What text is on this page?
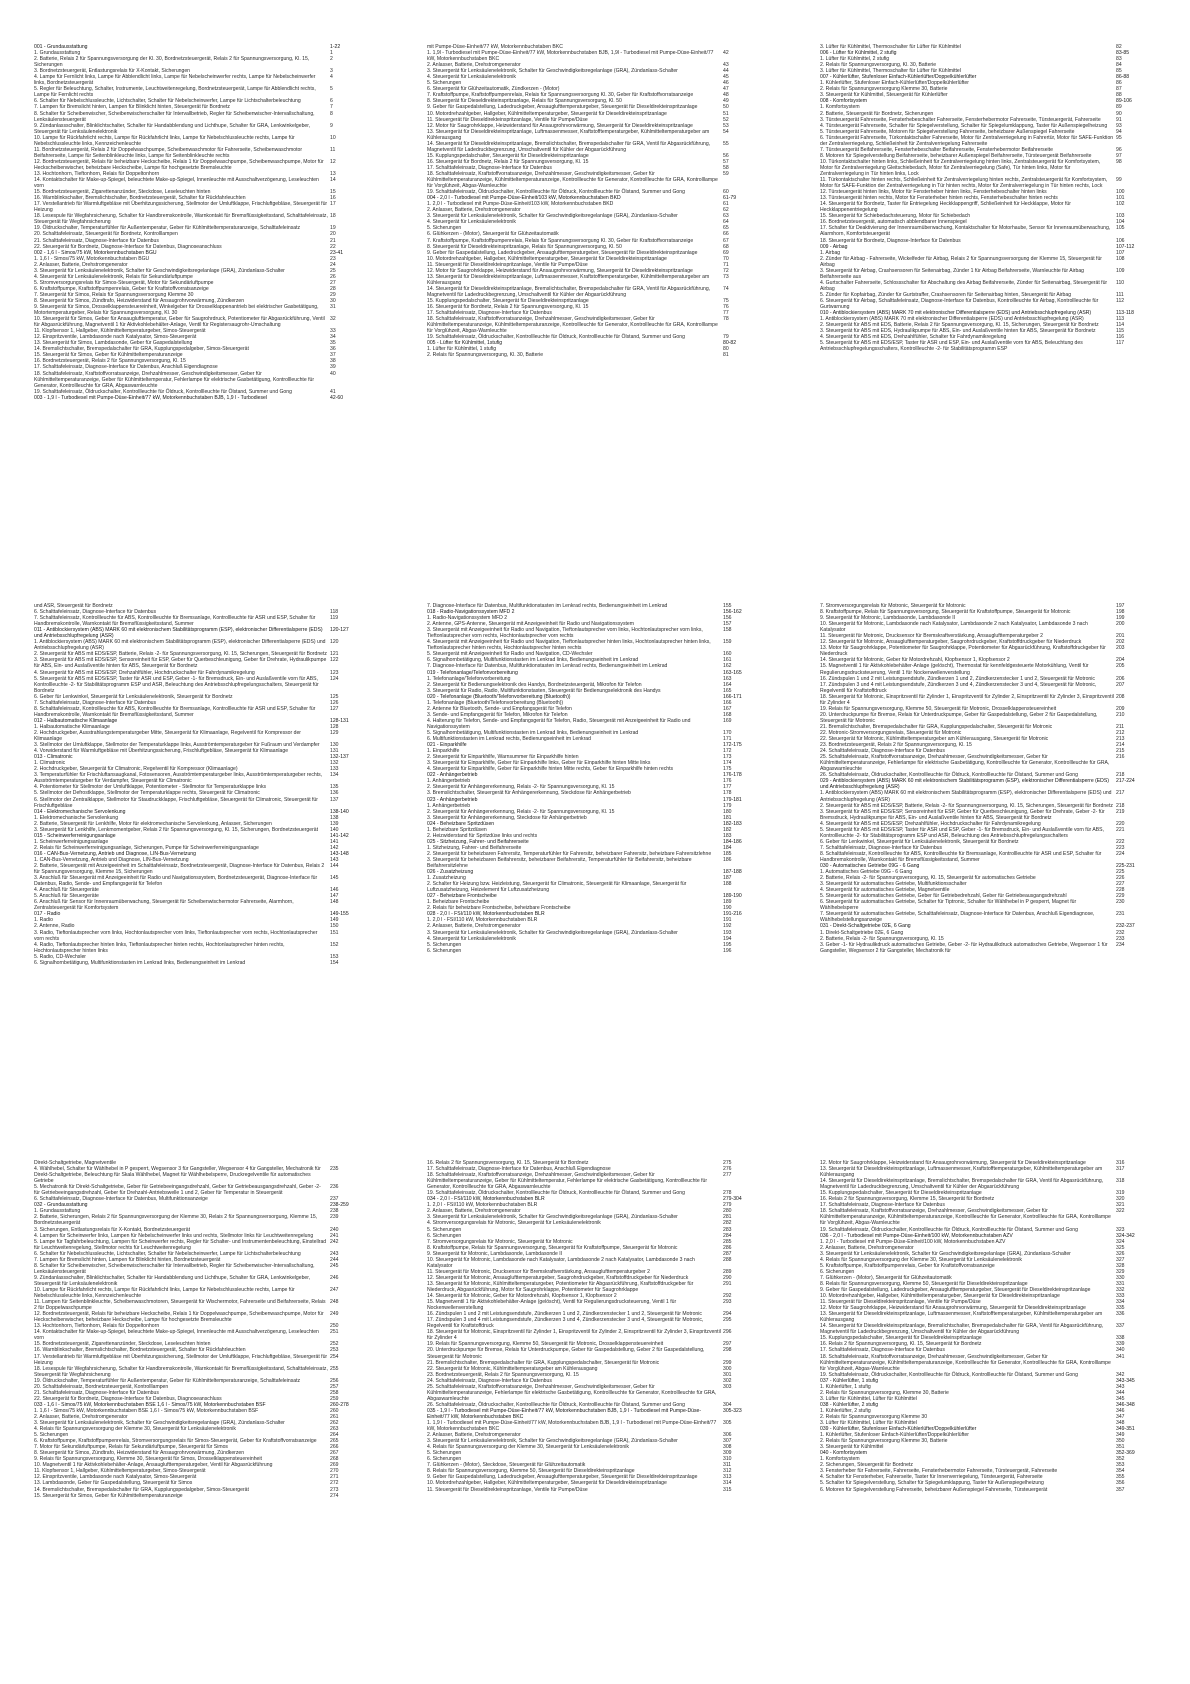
001 - Grundausstattung	1-22
1. Grundausstattung	1
2. Batterie, Relais 2 für Spannungsversorgung der Kl. 30, Bordnetzsteuergerät, Relais 2 für Spannungsversorgung, Kl. 15, Sicherungen
2
3. Bordnetzsteuergerät, Entlastungsrelais für X-Kontakt, Sicherungen	3
4. Lampe für Fernlicht links, Lampe für Abblendlicht links, Lampe für Nebelscheinwerfer rechts, Lampe für Nebelscheinwerfer links, Bordnetzsteuergerät
4
5. Regler für Beleuchtung, Schalter, Instrumente, Leuchtweitenregelung, Bordnetzsteuergerät, Lampe für Abblendlicht rechts, Lampe für Fernlicht rechts
5
6. Schalter für Nebelschlussleuchte, Lichtschalter, Schalter für Nebelscheinwerfer, Lampe für Lichtschalterbeleuchtung	6
7. Lampen für Bremslicht hinten, Lampen für Blinklicht hinten, Steuergerät für Bordnetz	7
8. Schalter für Scheibenwischer, Scheibenwischerschalter für Intervallbetrieb, Regler für Scheibenwischer-Intervallschaltung, Lenksäulensteuergerät
8
9. Zündanlassschalter, Blinklichtschalter, Schalter für Handabblendung und Lichthupe, Schalter für GRA, Lenkwinkelgeber, Steuergerät für Lenksäulenelektronik
9
10. Lampe für Rückfahrlicht rechts, Lampe für Rückfahrlicht links, Lampe für Nebelschlussleuchte rechts, Lampe für Nebelschlussleuchte links, Kennzeichenleuchte
10
11. Bordnetzsteuergerät, Relais 2 für Doppelwaschpumpe, Scheibenwaschmotor für Fahrerseite, Scheibenwaschmotor Beifahrerseite, Lampe für Seitenblinkleuchte links, Lampe für Seitenblinkleuchte rechts
11
12. Bordnetzsteuergerät, Relais für beheizbare Heckscheibe, Relais 1 für Doppelwaschpumpe, Scheibenwaschpumpe, Motor für Heckscheibenwischer, beheizbare Heckscheibe, Lampe für hochgesetzte Bremsleuchte
12
13. Hochtonhorn, Tieftonhorn, Relais für Doppeltonhorn	13
14. Kontaktschalter für Make-up-Spiegel, beleuchtete Make-up-Spiegel, Innenleuchte mit Ausschaltverzögerung, Leseleuchten vorn
14
15. Bordnetzsteuergerät, Zigarettenanzünder, Steckdose, Leseleuchten hinten	15
16. Warnblinkschalter, Bremslichtschalter, Bordnetzsteuergerät, Schalter für Rückfahrleuchten	16
17. Verstellantrieb für Warmluftgebläse mit Überhitzungssicherung, Stellmotor der Umluftklappe, Frischluftgebläse, Steuergerät für Heizung
17
18. Lesespule für Wegfahrsicherung, Schalter für Handbremskontrolle, Warnkontakt für Bremsflüssigkeitsstand, Schalttafeleinsatz, Steuergerät für Wegfahrsicherung
18
19. Öldruckschalter, Temperaturfühler für Außentemperatur, Geber für Kühlmitteltemperaturanzeige, Schalttafeleinsatz	19
20. Schalttafeleinsatz, Steuergerät für Bordnetz, Kontrolllampen	20
21. Schalttafeleinsatz, Diagnose-Interface für Datenbus	21
22. Steuergerät für Bordnetz, Diagnose-Interface für Datenbus, Diagnoseanschluss	22
002 - 1,6 l - Simos/75 kW, Motorkennbuchstaben BGU	23-41
1. 1,6 l - Simos/75 kW, Motorkennbuchstaben BGU	23
2. Anlasser, Batterie, Drehstromgenerator	24
3. Steuergerät für Lenksäulenelektronik, Schalter für Geschwindigkeitsregelanlage (GRA), Zündanlass-Schalter	25
4. Steuergerät für Lenksäulenelektronik, Relais für Sekundärluftpumpe	26
5. Stromversorgungsrelais für Simos-Steuergerät, Motor für Sekundärluftpumpe	27
6. Kraftstoffpumpe, Kraftstoffpumpenrelais, Geber für Kraftstoffvorratsanzeige	28
7. Steuergerät für Simos, Relais für Spannungsversorgung Klemme 30	29
8. Steuergerät für Simos, Zündtrafo, Heizwiderstand für Ansaugrohrvorwärmung, Zündkerzen	30
9. Steuergerät für Simos, Drosselklappensteuereinheit, Winkelgeber für Drosselklappenantrieb bei elektrischer Gasbetätigung, Motortemperaturgeber, Relais für Spannungsversorgung, Kl. 30
31
10. Steuergerät für Simos, Geber für Ansauglufttemperatur, Geber für Saugrohrdruck, Potentiometer für Abgasrückführung, Ventil für Abgasrückführung, Magnetventil 1 für Aktivkohlebehälter-Anlage, Ventil für Registersaugrohr-Umschaltung
32
11. Klopfsensor 1, Hallgeber, Kühlmitteltemperaturgeber, Simos-Steuergerät	33
12. Einspritzventile, Lambdasonde nach Katalysator, Simos-Steuergerät	34
13. Steuergerät für Simos, Lambdasonde, Geber für Gaspedalstellung	35
14. Bremslichtschalter, Bremspedalschalter für GRA, Kupplungspedalgeber, Simos-Steuergerät	36
15. Steuergerät für Simos, Geber für Kühlmitteltemperaturanzeige	37
16. Bordnetzsteuergerät, Relais 2 für Spannungsversorgung, Kl. 15	38
17. Schalttafeleinsatz, Diagnose-Interface für Datenbus, Anschluß Eigendiagnose	39
18. Schalttafeleinsatz, Kraftstoffvorratsanzeige, Drehzahlmesser, Geschwindigkeitsmesser, Geber für Kühlmitteltemperaturanzeige, Geber für Kühlmitteltemperatur, Fehlerlampe für elektrische Gasbetätigung, Kontrollleuchte für Generator, Kontrollleuchte für GRA, Abgaswarnleuchte
40
19. Schalttafeleinsatz, Öldruckschalter, Kontrollleuchte für Öldruck, Kontrollleuchte für Ölstand, Summer und Gong	41
003 - 1,9 l - Turbodiesel mit Pumpe-Düse-Einheit/77 kW, Motorkennbuchstaben BJB, 1,9 l - Turbodiesel	42-60
mit Pumpe-Düse-Einheit/77 kW, Motorkennbuchstaben BKC
1. 1,9l - Turbodiesel mit Pumpe-Düse-Einheit/77 kW, Motorkennbuchstaben BJB, 1,9l - Turbodiesel mit Pumpe-Düse-Einheit/77 kW, Motorkennbuchstaben BKC
42
2. Anlasser, Batterie, Drehstromgenerator	43
3. Steuergerät für Lenksäulenelektronik, Schalter für Geschwindigkeitsregelanlage (GRA), Zündanlass-Schalter	44
4. Steuergerät für Lenksäulenelektronik	45
5. Sicherungen	46
6. Steuergerät für Glühzeitautomatik, Zündkerzen - (Motor)	47
7. Kraftstoffpumpe, Kraftstoffpumpenrelais, Relais für Spannungsversorgung Kl. 30, Geber für Kraftstoffvorratsanzeige	48
8. Steuergerät für Dieseldirekteinspritzanlage, Relais für Spannungsversorgung, Kl. 50	49
9. Geber für Gaspedalstellung, Ladedruckgeber, Ansauglufttemperaturgeber, Steuergerät für Dieseldirekteinspritzanlage	50
10. Motordrehzahlgeber, Hallgeber, Kühlmitteltemperaturgeber, Steuergerät für Dieseldirekteinspritzanlage	51
11. Steuergerät für Dieseldirekteinspritzanlage, Ventile für Pumpe/Düse	52
12. Motor für Saugrohrklappe, Heizwiderstand für Ansaugrohrvorwärmung, Steuergerät für Dieseldirekteinspritzanlage	53
13. Steuergerät für Dieseldirekteinspritzanlage, Luftmassenmesser, Kraftstofftemperaturgeber, Kühlmitteltemperaturgeber am Kühlerausgang
54
14. Steuergerät für Dieseldirekteinspritzanlage, Bremslichtschalter, Bremspedalschalter für GRA, Ventil für Abgasrückführung, Magnetventil für Ladedruckbegrenzung, Umschaltventil für Kühler der Abgasrückführung
55
15. Kupplungspedalschalter, Steuergerät für Dieseldirekteinspritzanlage	56
16. Steuergerät für Bordnetz, Relais 2 für Spannungsversorgung, Kl. 15	57
17. Schalttafeleinsatz, Diagnose-Interface für Datenbus	58
18. Schalttafeleinsatz, Kraftstoffvorratsanzeige, Drehzahlmesser, Geschwindigkeitsmesser, Geber für Kühlmitteltemperaturanzeige, Kühlmitteltemperaturanzeige, Kontrollleuchte für Generator, Kontrollleuchte für GRA, Kontrolllampe für Vorglühzeit, Abgas-Warnleuchte
59
19. Schalttafeleinsatz, Öldruckschalter, Kontrollleuchte für Öldruck, Kontrollleuchte für Ölstand, Summer und Gong	60
004 - 2,0 l - Turbodiesel mit Pumpe-Düse-Einheit/103 kW, Motorkennbuchstaben BKD	61-79
1. 2,0 l - Turbodiesel mit Pumpe-Düse-Einheit/103 kW, Motorkennbuchstaben BKD	61
2. Anlasser, Batterie, Drehstromgenerator	62
3. Steuergerät für Lenksäulenelektronik, Schalter für Geschwindigkeitsregelanlage (GRA), Zündanlass-Schalter	63
4. Steuergerät für Lenksäulenelektronik	64
5. Sicherungen	65
6. Glühkerzen - (Motor), Steuergerät für Glühzeitautomatik	66
7. Kraftstoffpumpe, Kraftstoffpumpenrelais, Relais für Spannungsversorgung Kl. 30, Geber für Kraftstoffvorratsanzeige	67
8. Steuergerät für Dieseldirekteinspritzanlage, Relais für Spannungsversorgung, Kl. 50	68
9. Geber für Gaspedalstellung, Ladedruckgeber, Ansauglufttemperaturgeber, Steuergerät für Dieseldirekteinspritzanlage	69
10. Motordrehzahlgeber, Hallgeber, Kühlmitteltemperaturgeber, Steuergerät für Dieseldirekteinspritzanlage	70
11. Steuergerät für Dieseldirekteinspritzanlage, Ventile für Pumpe/Düse	71
12. Motor für Saugrohrklappe, Heizwiderstand für Ansaugrohrvorwärmung, Steuergerät für Dieseldirekteinspritzanlage	72
13. Steuergerät für Dieseldirekteinspritzanlage, Luftmassenmesser, Kraftstofftemperaturgeber, Kühlmitteltemperaturgeber am Kühlerausgang
73
14. Steuergerät für Dieseldirekteinspritzanlage, Bremslichtschalter, Bremspedalschalter für GRA, Ventil für Abgasrückführung, Magnetventil für Ladedruckbegrenzung, Umschaltventil für Kühler der Abgasrückführung
74
15. Kupplungspedalschalter, Steuergerät für Dieseldirekteinspritzanlage	75
16. Steuergerät für Bordnetz, Relais 2 für Spannungsversorgung, Kl. 15	76
17. Schalttafeleinsatz, Diagnose-Interface für Datenbus	77
18. Schalttafeleinsatz, Kraftstoffvorratsanzeige, Drehzahlmesser, Geschwindigkeitsmesser, Geber für Kühlmitteltemperaturanzeige, Kühlmitteltemperaturanzeige, Kontrollleuchte für Generator, Kontrollleuchte für GRA, Kontrolllampe für Vorglühzeit, Abgas-Warnleuchte
78
19. Schalttafeleinsatz, Öldruckschalter, Kontrollleuchte für Öldruck, Kontrollleuchte für Ölstand, Summer und Gong	79
005 - Lüfter für Kühlmittel, 1stufig	80-82
1. Lüfter für Kühlmittel, 1 stufig	80
2. Relais für Spannungsversorgung, Kl. 30, Batterie	81
3. Lüfter für Kühlmittel, Thermoschalter für Lüfter für Kühlmittel	82
006 - Lüfter für Kühlmittel, 2 stufig	83-85
1. Lüfter für Kühlmittel, 2 stufig	83
2. Relais für Spannungsversorgung, Kl. 30, Batterie	84
3. Lüfter für Kühlmittel, Thermoschalter für Lüfter für Kühlmittel	85
007 - Kühlerlüfter, Stufenloser Einfach-Kühlerlüfter/Doppelkühlerlüfter	86-88
1. Kühlerlüfter, Stufenloser Einfach-Kühlerlüfter/Doppelkühlerlüfter	86
2. Relais für Spannungsversorgung Klemme 30, Batterie	87
3. Steuergerät für Kühlmittel, Steuergerät für Kühlerlüfter	88
008 - Komfortsystem	89-106
1. Komfortsystem	89
2. Batterie, Steuergerät für Bordnetz, Sicherungen	90
3. Türsteuergerät Fahrerseite, Fensterhebeschalter Fahrerseite, Fensterhebermotor Fahrerseite, Türsteuergerät, Fahrerseite	91
4. Türsteuergerät Fahrerseite, Schalter für Spiegelverstellung, Schalter für Spiegelumklappung, Taster für Außenspiegelheizung 93
5. Türsteuergerät Fahrerseite, Motoren für Spiegelverstellung Fahrerseite, beheizbarer Außenspiegel Fahrerseite	94
6. Türsteuergerät Fahrerseite, Türkontaktschalter Fahrerseite, Motor für Zentralverriegelung in Fahrertür, Motor für SAFE-Funktion der Zentralverriegelung, Schließeinheit für Zentralverriegelung Fahrerseite
95
7. Türsteuergerät Beifahrerseite, Fensterhebeschalter Beifahrerseite, Fensterhebermotor Beifahrerseite	96
8. Motoren für Spiegelverstellung Beifahrerseite, beheizbarer Außenspiegel Beifahrerseite, Türsteuergerät Beifahrerseite	97
10. Türkontaktschalter hinten links, Schließeinheit für Zentralverriegelung hinten links, Zentralsteuergerät für Komfortsystem, Motor für Zentralverriegelung Gleitschiebedach, Motor für Zentralverriegelung (Safe), Tür hinten links, Motor für Zentralverriegelung in Tür hinten links, Lock
98
11. Türkontaktschalter hinten rechts, Schließeinheit für Zentralverriegelung hinten rechts, Zentralsteuergerät für Komfortsystem, Motor für SAFE-Funktion der Zentralverriegelung in Tür hinten rechts, Motor für Zentralverriegelung in Tür hinten rechts, Lock
99
12. Türsteuergerät hinten links, Motor für Fensterheber hinten links, Fensterhebeschalter hinten links	100
13. Türsteuergerät hinten rechts, Motor für Fensterheber hinten rechts, Fensterhebeschalter hinten rechts	101
14. Steuergerät für Bordnetz, Taster für Entriegelung Heckklappengriff, Schließeinheit für Heckklappe, Motor für Heckklappenentriegelung
102
15. Steuergerät für Schiebedachsteuerung, Motor für Schiebedach	103
16. Bordnetzsteuergerät, automatisch abblendbarer Innenspiegel	104
17. Schalter für Deaktivierung der Innenraumüberwachung, Kontaktschalter für Motorhaube, Sensor für Innenraumüberwachung, Alarmhorn, Komfortsteuergerät
105
18. Steuergerät für Bordnetz, Diagnose-Interface für Datenbus	106
009 - Airbag	107-112
1. Airbag	107
2. Zünder für Airbag - Fahrerseite, Wickelfeder für Airbag, Relais 2 für Spannungsversorgung der Klemme 15, Steuergerät für Airbag
108
3. Steuergerät für Airbag, Crashsensoren für Seitenairbag, Zünder 1 für Airbag Beifahrerseite, Warnleuchte für Airbag Beifahrerseite aus
109
4. Gurtschalter Fahrerseite, Schlossschalter für Abschaltung des Airbag Beifahrerseite, Zünder für Seitenairbag, Steuergerät für Airbag
110
5. Zünder für Kopfairbag, Zünder für Gurtstraffer, Crashsensoren für Seitenairbag hinten, Steuergerät für Airbag	111
6. Steuergerät für Airbag, Schalttafeleinsatz, Diagnose-Interface für Datenbus, Kontrollleuchte für Airbag, Kontrollleuchte für Gurtwarnung
112
010 - Antiblockiersystem (ABS) MARK 70 mit elektronischer Differentialsperre (EDS) und Antriebsschlupfregelung (ASR)	113-118
1. Antiblockiersystem (ABS) MARK 70 mit elektronischer Differentialsperre (EDS) und Antriebsschlupfregelung (ASR)	113
2. Steuergerät für ABS mit EDS, Batterie, Relais 2 für Spannungsversorgung, Kl. 15, Sicherungen, Steuergerät für Bordnetz	114
3. Steuergerät für ABS mit EDS, Hydraulikpumpe für ABS, Ein- und Auslaßventile hinten für ABS, Steuergerät für Bordnetz	115
4. Steuergerät für ABS mit EDS, Drehzahlfühler, Schalter für Fahrdynamikregelung	116
5. Steuergerät für ABS mit EDS/ESP, Taster für ASR und ESP, Ein- und Auslaßventile vorn für ABS, Beleuchtung des Antriebsschlupfregelungsschalters, Kontrollleuchte -2- für Stabilitätsprogramm ESP
117
und ASR, Steuergerät für Bordnetz
6. Schalttafeleinsatz, Diagnose-Interface für Datenbus	118
7. Schalttafeleinsatz, Kontrollleuchte für ABS, Kontrollleuchte für Bremsanlage, Kontrollleuchte für ASR und ESP, Schalter für Handbremskontrolle, Warnkontakt für Bremsflüssigkeitsstand, Summer
119
011 - Antiblockiersystem (ABS) MARK 60 mit elektronischem Stabilitätsprogramm (ESP), elektronischer Differentialsperre (EDS) und Antriebsschlupfregelung (ASR)
120-127
1. Antiblockiersystem (ABS) MARK 60 mit elektronischem Stabilitätsprogramm (ESP), elektronischer Differentialsperre (EDS) und Antriebsschlupfregelung (ASR)
120
2. Steuergerät für ABS mit EDS/ESP, Batterie, Relais -2- für Spannungsversorgung, Kl. 15, Sicherungen, Steuergerät für Bordnetz 121
3. Steuergerät für ABS mit EDS/ESP, Sensoreinheit für ESP, Geber für Querbeschleunigung, Geber für Drehrate, Hydraulikpumpe für ABS, Ein- und Auslaßventile hinten für ABS, Steuergerät für Bordnetz
122
4. Steuergerät für ABS mit EDS/ESP, Drehzahlfühler, Hochdruckschalter für Fahrdynamikregelung	123
5. Steuergerät für ABS mit EDS/ESP, Taster für ASR und ESP, Geber -1- für Bremsdruck, Ein- und Auslaßventile vorn für ABS, Kontrollleuchte -2- für Stabilitätsprogramm ESP und ASR, Beleuchtung des Antriebsschlupfregelungsschalters, Steuergerät für Bordnetz
124
6. Geber für Lenkwinkel, Steuergerät für Lenksäulenelektronik, Steuergerät für Bordnetz	125
7. Schalttafeleinsatz, Diagnose-Interface für Datenbus	126
8. Schalttafeleinsatz, Kontrollleuchte für ABS, Kontrollleuchte für Bremsanlage, Kontrollleuchte für ASR und ESP, Schalter für Handbremskontrolle, Warnkontakt für Bremsflüssigkeitsstand, Summer
127
012 - Halbautomatische Klimaanlage	128-131
1. Halbautomatische Klimaanlage	128
2. Hochdruckgeber, Ausstrahlungstemperaturgeber Mitte, Steuergerät für Klimaanlage, Regelventil für Kompressor der Klimaanlage
129
3. Stellmotor der Umluftklappe, Stellmotor der Temperaturklappe links, Ausströmtemperaturgeber für Fußraum und Verdampfer 130
4. Vorwiderstand für Warmluftgebläse mit Überhitzungssicherung, Frischluftgebläse, Steuergerät für Klimaanlage	131
013 - Climatronic	132-137
1. Climatronic	132
2. Hochdruckgeber, Steuergerät für Climatronic, Regelventil für Kompressor (Klimaanlage)	133
3. Temperaturfühler für Frischluftansaugkanal, Fotosensoren, Ausströmtemperaturgeber links, Ausströmtemperaturgeber rechts, Ausströmtemperaturgeber für Verdampfer, Steuergerät für Climatronic
134
4. Potentiometer für Stellmotor der Umluftklappe, Potentiometer - Stellmotor für Temperaturklappe links	135
5. Stellmotor der Defrostklappe, Stellmotor der Temperaturklappe rechts, Steuergerät für Climatronic	136
6. Stellmotor der Zentralklappe, Stellmotor für Staudruckklappe, Frischluftgebläse, Steuergerät für Climatronic, Steuergerät für Frischluftgebläse
137
014 - Elektromechanische Servolenkung	138-140
1. Elektromechanische Servolenkung	138
2. Batterie, Steuergerät für Lenkhilfe, Motor für elektromechanische Servolenkung, Anlasser, Sicherungen	139
3. Steuergerät für Lenkhilfe, Lenkmomentgeber, Relais 2 für Spannungsversorgung, Kl. 15, Sicherungen, Bordnetzsteuergerät 140
015 - Scheinwerferreinigungsanlage	141-142
1. Scheinwerferreinigungsanlage	141
2. Relais für Scheinwerferreinigungsanlage, Sicherungen, Pumpe für Scheinwerferreinigungsanlage	142
016 - CAN-Bus-Vernetzung, Antrieb und Diagnose, LIN-Bus-Vernetzung	143-148
1. CAN-Bus-Vernetzung, Antrieb und Diagnose, LIN-Bus-Vernetzung	143
2. Batterie, Steuergerät mit Anzeigeeinheit im Schalttafeleinsatz, Bordnetzsteuergerät, Diagnose-Interface für Datenbus, Relais 2 für Spannungsversorgung, Klemme 15, Sicherungen
144
3. Anschluß für Steuergerät mit Anzeigeeinheit für Radio und Navigationssystem, Bordnetzsteuergerät, Diagnose-Interface für Datenbus, Radio, Sende- und Empfangsgerät für Telefon
145
4. Anschluß für Steuergeräte	146
5. Anschluß für Steuergeräte	147
6. Anschluß für Sensor für Innenraumüberwachung, Steuergerät für Scheibenwischermotor Fahrerseite, Alarmhorn, Zentralsteuergerät für Komfortsystem
148
017 - Radio	149-155
1. Radio	149
2. Antenne, Radio	150
3. Radio, Tieftonlautsprecher vorn links, Hochtonlautsprecher vorn links, Tieftonlautsprecher vorn rechts, Hochtonlautsprecher vorn rechts
151
4. Radio, Tieftonlautsprecher hinten links, Tieftonlautsprecher hinten rechts, Hochtonlautsprecher hinten rechts, Hochtonlautsprecher hinten links
152
5. Radio, CD-Wechsler	153
6. Signalhornbetätigung, Multifunktionstasten im Lenkrad links, Bedienungseinheit im Lenkrad	154
7. Diagnose-Interface für Datenbus, Multifunktionstasten im Lenkrad rechts, Bedienungseinheit im Lenkrad	155
018 - Radio-Navigationssystem MFD 2	156-162
1. Radio-Navigationssystem MFD 2	156
2. Antenne, GPS-Antenne, Steuergerät mit Anzeigeeinheit für Radio und Navigationssystem	157
3. Steuergerät mit Anzeigeeinheit für Radio und Navigation, Tieftonlautsprecher vorn links, Hochtonlautsprecher vorn links, Tieftonlautsprecher vorn rechts, Hochtonlautsprecher vorn rechts
158
4. Steuergerät mit Anzeigeeinheit für Radio und Navigation, Tieftonlautsprecher hinten links, Hochtonlautsprecher hinten links, Tieftonlautsprecher hinten rechts, Hochtonlautsprecher hinten rechts
159
5. Steuergerät mit Anzeigeeinheit für Radio und Navigation, CD-Wechsler	160
6. Signalhornbetätigung, Multifunktionstasten im Lenkrad links, Bedienungseinheit im Lenkrad	161
7. Diagnose-Interface für Datenbus, Multifunktionstasten im Lenkrad rechts, Bedienungseinheit im Lenkrad	162
019 - Telefonanlage/Telefonvorbereitung	163-165
1. Telefonanlage/Telefonvorbereitung	163
2. Steuergerät für Bedienungselektronik des Handys, Bordnetzsteuergerät, Mikrofon für Telefon	164
3. Steuergerät für Radio, Radio, Multifunktionstasten, Steuergerät für Bedienungselektronik des Handys	165
020 - Telefonanlage (Bluetooth/Telefonvorbereitung (Bluetooth))	166-171
1. Telefonanlage (Bluetooth/Telefonvorbereitung (Bluetooth))	166
2. Antenne für Bluetooth, Sende- und Empfangsgerät für Telefon	167
3. Sende- und Empfangsgerät für Telefon, Mikrofon für Telefon	168
4. Halterung für Telefon, Sende- und Empfangsgerät für Telefon, Radio, Steuergerät mit Anzeigeeinheit für Radio und Navigationssystem
169
5. Signalhornbetätigung, Multifunktionstasten im Lenkrad links, Bedienungseinheit im Lenkrad	170
6. Multifunktionstasten im Lenkrad rechts, Bedienungseinheit im Lenkrad	171
021 - Einparkhilfe	172-175
1. Einparkhilfe	172
2. Steuergerät für Einparkhilfe, Warnsummer für Einparkhilfe hinten	173
3. Steuergerät für Einparkhilfe, Geber für Einparkhilfe links, Geber für Einparkhilfe hinten Mitte links	174
4. Steuergerät für Einparkhilfe, Geber für Einparkhilfe hinten Mitte rechts, Geber für Einparkhilfe hinten rechts	175
022 - Anhängerbetrieb	176-178
1. Anhängerbetrieb	176
2. Steuergerät für Anhängererkennung, Relais -2- für Spannungsversorgung, Kl. 15	177
3. Bremslichtschalter, Steuergerät für Anhängererkennung, Steckdose für Anhängerbetrieb	178
023 - Anhängerbetrieb	179-181
1. Anhängerbetrieb	179
2. Steuergerät für Anhängererkennung, Relais -2- für Spannungsversorgung, Kl. 15	180
3. Steuergerät für Anhängererkennung, Steckdose für Anhängerbetrieb	181
024 - Beheizbare Spritzdüsen	182-183
1. Beheizbare Spritzdüsen	182
2. Heizwiderstand für Spritzdüse links und rechts	183
025 - Sitzheizung, Fahrer- und Beifahrerseite	184-186
1. Sitzheizung, Fahrer- und Beifahrerseite	184
2. Steuergerät für beheizbaren Fahrersitz, Temperaturfühler für Fahrersitz, beheizbarer Fahrersitz, beheizbare Fahrersitzlehne 185
3. Steuergerät für beheizbaren Beifahrersitz, beheizbarer Beifahrersitz, Temperaturfühler für Beifahrersitz, beheizbare Beifahrersitzlehne
186
026 - Zusatzheizung	187-188
1. Zusatzheizung	187
2. Schalter für Heizung bzw. Heizleistung, Steuergerät für Climatronic, Steuergerät für Klimaanlage, Steuergerät für Luftzusatzheizung, Heizelement für Luftzusatzheizung
188
027 - Beheizbare Frontscheibe	189-190
1. Beheizbare Frontscheibe	189
2. Relais für beheizbare Frontscheibe, beheizbare Frontscheibe	190
028 - 2,0 l - FSI/110 kW, Motorkennbuchstaben BLR	191-216
1. 2,0 l - FSI/110 kW, Motorkennbuchstaben BLR	191
2. Anlasser, Batterie, Drehstromgenerator	192
3. Steuergerät für Lenksäulenelektronik, Schalter für Geschwindigkeitsregelanlage (GRA), Zündanlass-Schalter	193
4. Steuergerät für Lenksäulenelektronik	194
5. Sicherungen	195
6. Sicherungen	196
7. Stromversorgungsrelais für Motronic, Steuergerät für Motronic	197
8. Kraftstoffpumpe, Relais für Spannungsversorgung, Steuergerät für Kraftstoffpumpe, Steuergerät für Motronic	198
9. Steuergerät für Motronic, Lambdasonde, Lambdasonde II	199
10. Steuergerät für Motronic, Lambdasonde nach Katalysator, Lambdasonde 2 nach Katalysator, Lambdasonde 3 nach Katalysator
200
11. Steuergerät für Motronic, Drucksensor für Bremskraftverstärkung, Ansauglufttemperaturgeber 2	201
12. Steuergerät für Motronic, Ansauglufttemperaturgeber, Saugrohrdruckgeber, Kraftstoffdruckgeber für Niederdruck	202
13. Motor für Saugrohrklappe, Potentiometer für Saugrohrklappe, Potentiometer für Abgasrückführung, Kraftstoffdruckgeber für Niederdruck
203
14. Steuergerät für Motronic, Geber für Motordrehzahl, Klopfsensor 1, Klopfsensor 2	204
15. Magnetventil 1 für Aktivkohlebehälter-Anlage (gelöscht), Thermostat für kennfeldgesteuerte Motorkühlung, Ventil für Regulierungsdrucksteuerung, Ventil 1 für Nockenwellenverstellung
205
16. Zündspulen 1 und 2 mit Leistungsendstufe, Zündkerzen 1 und 2, Zündkerzenstecker 1 und 2, Steuergerät für Motronic	206
17. Zündspulen 3 und 4 mit Leistungsendstufe, Zündkerzen 3 und 4, Zündkerzenstecker 3 und 4, Steuergerät für Motronic, Regelventil für Kraftstoffdruck
207
18. Steuergerät für Motronic, Einspritzventil für Zylinder 1, Einspritzventil für Zylinder 2, Einspritzventil für Zylinder 3, Einspritzventil für Zylinder 4
208
19. Relais für Spannungsversorgung, Klemme 50, Steuergerät für Motronic, Drosselklappensteuereinheit	209
20. Unterdruckpumpe für Bremse, Relais für Unterdruckpumpe, Geber für Gaspedalstellung, Geber 2 für Gaspedalstellung, Steuergerät für Motronic
210
21. Bremslichtschalter, Bremspedalschalter für GRA, Kupplungspedalschalter, Steuergerät für Motronic	211
22. Motronic-Stromversorgungsrelais, Steuergerät für Motronic	212
22. Steuergerät für Motronic, Kühlmitteltemperaturgeber am Kühlerausgang, Steuergerät für Motronic	213
23. Bordnetzsteuergerät, Relais 2 für Spannungsversorgung, Kl. 15	214
24. Schalttafeleinsatz, Diagnose-Interface für Datenbus	215
25. Schalttafeleinsatz, Kraftstoffvorratsanzeige, Drehzahlmesser, Geschwindigkeitsmesser, Geber für Kühlmitteltemperaturanzeige, Fehlerlampe für elektrische Gasbetätigung, Kontrollleuchte für Generator, Kontrollleuchte für GRA, Abgaswarnleuchte
216
26. Schalttafeleinsatz, Öldruckschalter, Kontrollleuchte für Öldruck, Kontrollleuchte für Ölstand, Summer und Gong	218
029 - Antiblockiersystem (ABS) MARK 60 mit elektronischem Stabilitätsprogramm (ESP), elektronischer Differentialsperre (EDS) und Antriebsschlupfregelung (ASR)
217-224
1. Antiblockiersystem (ABS) MARK 60 mit elektronischem Stabilitätsprogramm (ESP), elektronischer Differentialsperre (EDS) und Antriebsschlupfregelung (ASR)
217
2. Steuergerät für ABS mit EDS/ESP, Batterie, Relais -2- für Spannungsversorgung, Kl. 15, Sicherungen, Steuergerät für Bordnetz 218
3. Steuergerät für ABS mit EDS/ESP, Sensoreinheit für ESP, Geber für Querbeschleunigung, Geber für Drehrate, Geber -2- für Bremsdruck, Hydraulikpumpe für ABS, Ein- und Auslaßventile hinten für ABS, Steuergerät für Bordnetz
219
4. Steuergerät für ABS mit EDS/ESP, Drehzahlfühler, Hochdruckschalter für Fahrdynamikregelung	220
5. Steuergerät für ABS mit EDS/ESP, Taster für ASR und ESP, Geber -1- für Bremsdruck, Ein- und Auslaßventile vorn für ABS, Kontrollleuchte -2- für Stabilitätsprogramm ESP und ASR, Beleuchtung des Antriebsschlupfregelungsschalters
221
6. Geber für Lenkwinkel, Steuergerät für Lenksäulenelektronik, Steuergerät für Bordnetz	222
7. Schalttafeleinsatz, Diagnose-Interface für Datenbus	223
8. Schalttafeleinsatz, Kontrollleuchte für ABS, Kontrollleuchte für Bremsanlage, Kontrollleuchte für ASR und ESP, Schalter für Handbremskontrolle, Warnkontakt für Bremsflüssigkeitsstand, Summer
224
030 - Automatisches Getriebe 09G - 6 Gang	225-231
1. Automatisches Getriebe 09G - 6 Gang	225
2. Batterie, Relais -2- für Spannungsversorgung, Kl. 15, Steuergerät für automatisches Getriebe	226
3. Steuergerät für automatisches Getriebe, Multifunktionsschalter	227
4. Steuergerät für automatisches Getriebe, Magnetventile	228
5. Steuergerät für automatisches Getriebe, Geber für Getriebedrehzahl, Geber für Getriebeausgangsdrehzahl	229
6. Steuergerät für automatisches Getriebe, Schalter für Tiptronic, Schalter für Wählhebel in P gesperrt, Magnet für Wählhebelsperre
230
7. Steuergerät für automatisches Getriebe, Schalttafeleinsatz, Diagnose-Interface für Datenbus, Anschluß Eigendiagnose, Wählhebelstellungsanzeige
231
031 - Direkt-Schaltgetriebe 02E, 6 Gang	232-237
1. Direkt-Schaltgetriebe 02E, 6 Gang	232
2. Batterie, Relais -2- für Spannungsversorgung, Kl. 15	233
3. Geber -1- für Hydraulikdruck automatisches Getriebe, Geber -2- für Hydraulikdruck automatisches Getriebe, Wegsensor 1 für Gangsteller, Wegsensor 2 für Gangsteller, Mechatronik für
234
Direkt-Schaltgetriebe, Magnetventile
4. Wählhebel, Schalter für Wählhebel in P gesperrt, Wegsensor 3 für Gangsteller, Wegsensor 4 für Gangsteller, Mechatronik für Direkt-Schaltgetriebe, Beleuchtung für Skala Wählhebel, Magnet für Wählhebelsperre, Druckregelventile für automatisches Getriebe
235
5. Mechatronik für Direkt-Schaltgetriebe, Geber für Getriebeeingangsdrehzahl, Geber für Getriebeausgangsdrehzahl, Geber -2- für Getriebeeingangsdrehzahl, Geber für Drehzahl-Antriebswelle 1 und 2, Geber für Temperatur in Steuergerät
236
6. Schalttafeleinsatz, Diagnose-Interface für Datenbus, Multifunktionsanzeige	237
032 - Grundausstattung	238-259
1. Grundausstattung	238
2. Batterie, Sicherungen, Relais 2 für Spannungsversorgung der Klemme 30, Relais 2 für Spannungsversorgung, Klemme 15, Bordnetzsteuergerät
239
3. Sicherungen, Entlastungsrelais für X-Kontakt, Bordnetzsteuergerät	240
4. Lampen für Scheinwerfer links, Lampen für Nebelscheinwerfer links und rechts, Stellmotor links für Leuchtweitenregelung	241
5. Lampe für Tagfahrbeleuchtung, Lampen für Scheinwerfer rechts, Regler für Schalter- und Instrumentenbeleuchtung, Einstellrad für Leuchtweitenregelung, Stellmotor rechts für Leuchtweitenregelung
242
6. Schalter für Nebelschlussleuchte, Lichtschalter, Schalter für Nebelscheinwerfer, Lampe für Lichtschalterbeleuchtung	243
7. Lampen für Bremslicht hinten, Lampen für Blinklicht hinten, Bordnetzsteuergerät	244
8. Schalter für Scheibenwischer, Scheibenwischerschalter für Intervallbetrieb, Regler für Scheibenwischer-Intervallschaltung, Lenksäulensteuergerät
245
9. Zündanlassschalter, Blinklichtschalter, Schalter für Handabblendung und Lichthupe, Schalter für GRA, Lenkwinkelgeber, Steuergerät für Lenksäulenelektronik
246
10. Lampe für Rückfahrlicht rechts, Lampe für Rückfahrlicht links, Lampe für Nebelschlussleuchte rechts, Lampe für Nebelschlussleuchte links, Kennzeichenleuchte
247
11. Lampen für Seitenblinkleuchte, Scheibenwaschmotoren, Steuergerät für Wischermotor, Fahrerseite und Beifahrerseite, Relais 2 für Doppelwaschpumpe
248
12. Bordnetzsteuergerät, Relais für beheizbare Heckscheibe, Relais 1 für Doppelwaschpumpe, Scheibenwaschpumpe, Motor für Heckscheibenwischer, beheizbare Heckscheibe, Lampe für hochgesetzte Bremsleuchte
249
13. Hochtonhorn, Tieftonhorn, Relais für Doppeltonhorn	250
14. Kontaktschalter für Make-up-Spiegel, beleuchtete Make-up-Spiegel, Innenleuchte mit Ausschaltverzögerung, Leseleuchten vorn
251
15. Bordnetzsteuergerät, Zigarettenanzünder, Steckdose, Leseleuchten hinten	252
16. Warnblinkschalter, Bremslichtschalter, Bordnetzsteuergerät, Schalter für Rückfahrleuchten	253
17. Verstellantrieb für Warmluftgebläse mit Überhitzungssicherung, Stellmotor der Umluftklappe, Frischluftgebläse, Steuergerät für Heizung
254
18. Lesespule für Wegfahrsicherung, Schalter für Handbremskontrolle, Warnkontakt für Bremsflüssigkeitsstand, Schalttafeleinsatz, Steuergerät für Wegfahrsicherung
255
19. Öldruckschalter, Temperaturfühler für Außentemperatur, Geber für Kühlmitteltemperaturanzeige, Schalttafeleinsatz	256
20. Schalttafeleinsatz, Bordnetzsteuergerät, Kontrolllampen	257
21. Schalttafeleinsatz, Diagnose-Interface für Datenbus	258
22. Steuergerät für Bordnetz, Diagnose-Interface für Datenbus, Diagnoseanschluss	259
033 - 1,6 l - Simos/75 kW, Motorkennbuchstaben BSE 1,6 l - Simos/75 kW, Motorkennbuchstaben BSF	260-278
1. 1,6 l - Simos/75 kW, Motorkennbuchstaben BSE 1,6 l - Simos/75 kW, Motorkennbuchstaben BSF	260
2. Anlasser, Batterie, Drehstromgenerator	261
3. Steuergerät für Lenksäulenelektronik, Schalter für Geschwindigkeitsregelanlage (GRA), Zündanlass-Schalter	262
4. Relais für Spannungsversorgung der Klemme 30, Steuergerät für Lenksäulenelektronik	263
5. Sicherungen	264
6. Kraftstoffpumpe, Kraftstoffpumpenrelais, Stromversorgungsrelais für Simos-Steuergerät, Geber für Kraftstoffvorratsanzeige	265
7. Motor für Sekundärluftpumpe, Relais für Sekundärluftpumpe, Steuergerät für Simos	266
8. Steuergerät für Simos, Zündtrafo, Heizwiderstand für Ansaugrohrvorwärmung, Zündkerzen	267
9. Relais für Spannungsversorgung, Klemme 30, Steuergerät für Simos, Drosselklappensteuereinheit	268
10. Magnetventil 1 für Aktivkohlebehälter-Anlage, Ansauglufttemperaturgeber, Ventil für Abgasrückführung	269
11. Klopfsensor 1, Hallgeber, Kühlmitteltemperaturgeber, Simos-Steuergerät	270
12. Einspritzventile, Lambdasonde nach Katalysator, Simos-Steuergerät	271
13. Lambdasonde, Geber für Gaspedalstellung, Steuergerät für Simos	272
14. Bremslichtschalter, Bremspedalschalter für GRA, Kupplungspedalgeber, Simos-Steuergerät	273
15. Steuergerät für Simos, Geber für Kühlmitteltemperaturanzeige	274
16. Relais 2 für Spannungsversorgung, Kl. 15, Steuergerät für Bordnetz	275
17. Schalttafeleinsatz, Diagnose-Interface für Datenbus, Anschluß Eigendiagnose	276
18. Schalttafeleinsatz, Kraftstoffvorratsanzeige, Drehzahlmesser, Geschwindigkeitsmesser, Geber für Kühlmitteltemperaturanzeige, Geber für Kühlmitteltemperatur, Fehlerlampe für elektrische Gasbetätigung, Kontrollleuchte für Generator, Kontrollleuchte für GRA, Abgaswarnleuchte
277
19. Schalttafeleinsatz, Öldruckschalter, Kontrollleuchte für Öldruck, Kontrollleuchte für Ölstand, Summer und Gong	278
034 - 2,0 l - FSI/110 kW, Motorkennbuchstaben BLR	279-304
1. 2,0 l - FSI/110 kW, Motorkennbuchstaben BLR	279
2. Anlasser, Batterie, Drehstromgenerator	280
3. Steuergerät für Lenksäulenelektronik, Schalter für Geschwindigkeitsregelanlage (GRA), Zündanlass-Schalter	281
4. Stromversorgungsrelais für Motronic, Steuergerät für Lenksäulenelektronik	282
5. Sicherungen	283
6. Sicherungen	284
7. Stromversorgungsrelais für Motronic, Steuergerät für Motronic	285
8. Kraftstoffpumpe, Relais für Spannungsversorgung, Steuergerät für Kraftstoffpumpe, Steuergerät für Motronic	286
9. Steuergerät für Motronic, Lambdasonde, Lambdasonde II	287
10. Steuergerät für Motronic, Lambdasonde nach Katalysator, Lambdasonde 2 nach Katalysator, Lambdasonde 3 nach Katalysator
288
11. Steuergerät für Motronic, Drucksensor für Bremskraftverstärkung, Ansauglufttemperaturgeber 2	289
12. Steuergerät für Motronic, Ansauglufttemperaturgeber, Saugrohrdruckgeber, Kraftstoffdruckgeber für Niederdruck	290
13. Steuergerät für Motronic, Kühlmitteltemperaturgeber, Potentiometer für Abgasrückführung, Kraftstoffdruckgeber für Niederdruck, Abgasrückführung, Motor für Saugrohrklappe, Potentiometer für Saugrohrklappe
291
14. Steuergerät für Motronic, Geber für Motordrehzahl, Klopfsensor 1, Klopfsensor 2	292
15. Magnetventil 1 für Aktivkohlebehälter-Anlage (gelöscht), Ventil für Regulierungsdrucksteuerung, Ventil 1 für Nockenwellenverstellung
293
16. Zündspulen 1 und 2 mit Leistungsendstufe, Zündkerzen 1 und 2, Zündkerzenstecker 1 und 2, Steuergerät für Motronic	294
17. Zündspulen 3 und 4 mit Leistungsendstufe, Zündkerzen 3 und 4, Zündkerzenstecker 3 und 4, Steuergerät für Motronic, Regelventil für Kraftstoffdruck
295
18. Steuergerät für Motronic, Einspritzventil für Zylinder 1, Einspritzventil für Zylinder 2, Einspritzventil für Zylinder 3, Einspritzventil für Zylinder 4
296
19. Relais für Spannungsversorgung, Klemme 50, Steuergerät für Motronic, Drosselklappensteuereinheit	297
20. Unterdruckpumpe für Bremse, Relais für Unterdruckpumpe, Geber für Gaspedalstellung, Geber 2 für Gaspedalstellung, Steuergerät für Motronic
298
21. Bremslichtschalter, Bremspedalschalter für GRA, Kupplungspedalschalter, Steuergerät für Motronic	299
22. Steuergerät für Motronic, Kühlmitteltemperaturgeber am Kühlerausgang	300
23. Bordnetzsteuergerät, Relais 2 für Spannungsversorgung, Kl. 15	301
24. Schalttafeleinsatz, Diagnose-Interface für Datenbus	302
25. Schalttafeleinsatz, Kraftstoffvorratsanzeige, Drehzahlmesser, Geschwindigkeitsmesser, Geber für Kühlmitteltemperaturanzeige, Fehlerlampe für elektrische Gasbetätigung, Kontrollleuchte für Generator, Kontrollleuchte für GRA, Abgaswarnleuchte
303
26. Schalttafeleinsatz, Öldruckschalter, Kontrollleuchte für Öldruck, Kontrollleuchte für Ölstand, Summer und Gong	304
035 - 1,9 l - Turbodiesel mit Pumpe-Düse-Einheit/77 kW, Motorkennbuchstaben BJB, 1,9 l - Turbodiesel mit Pumpe-Düse-Einheit/77 kW, Motorkennbuchstaben BKC
305-323
1. 1,9 l - Turbodiesel mit Pumpe-Düse-Einheit/77 kW, Motorkennbuchstaben BJB, 1,9 l - Turbodiesel mit Pumpe-Düse-Einheit/77 kW, Motorkennbuchstaben BKC
305
2. Anlasser, Batterie, Drehstromgenerator	306
3. Steuergerät für Lenksäulenelektronik, Schalter für Geschwindigkeitsregelanlage (GRA), Zündanlass-Schalter	307
4. Relais für Spannungsversorgung der Klemme 30, Steuergerät für Lenksäulenelektronik	308
5. Sicherungen	309
6. Sicherungen	310
7. Glühkerzen - (Motor), Steckdose, Steuergerät für Glühzeitautomatik	311
8. Relais für Spannungsversorgung, Klemme 50, Steuergerät für Dieseldirekteinspritzanlage	312
9. Geber für Gaspedalstellung, Ladedruckgeber, Ansauglufttemperaturgeber, Steuergerät für Dieseldirekteinspritzanlage	313
10. Motordrehzahlgeber, Hallgeber, Kühlmitteltemperaturgeber, Steuergerät für Dieseldirekteinspritzanlage	314
11. Steuergerät für Dieseldirekteinspritzanlage, Ventile für Pumpe/Düse	315
12. Motor für Saugrohrklappe, Heizwiderstand für Ansaugrohrvorwärmung, Steuergerät für Dieseldirekteinspritzanlage	316
13. Steuergerät für Dieseldirekteinspritzanlage, Luftmassenmesser, Kraftstofftemperaturgeber, Kühlmitteltemperaturgeber am Kühlerausgang
317
14. Steuergerät für Dieseldirekteinspritzanlage, Bremslichtschalter, Bremspedalschalter für GRA, Ventil für Abgasrückführung, Magnetventil für Ladedruckbegrenzung, Umschaltventil für Kühler der Abgasrückführung
318
15. Kupplungspedalschalter, Steuergerät für Dieseldirekteinspritzanlage	319
16. Relais 2 für Spannungsversorgung, Klemme 15, Steuergerät für Bordnetz	320
17. Schalttafeleinsatz, Diagnose-Interface für Datenbus	321
18. Schalttafeleinsatz, Kraftstoffvorratsanzeige, Drehzahlmesser, Geschwindigkeitsmesser, Geber für Kühlmitteltemperaturanzeige, Kühlmitteltemperaturanzeige, Kontrollleuchte für Generator, Kontrollleuchte für GRA, Kontrolllampe für Vorglühzeit, Abgas-Warnleuchte
322
19. Schalttafeleinsatz, Öldruckschalter, Kontrollleuchte für Öldruck, Kontrollleuchte für Ölstand, Summer und Gong	323
036 - 2,0 l - Turbodiesel mit Pumpe-Düse-Einheit/100 kW, Motorkennbuchstaben AZV	324-342
1. 2,0 l - Turbodiesel mit Pumpe-Düse-Einheit/100 kW, Motorkennbuchstaben AZV	324
2. Anlasser, Batterie, Drehstromgenerator	325
3. Steuergerät für Lenksäulenelektronik, Schalter für Geschwindigkeitsregelanlage (GRA), Zündanlass-Schalter	326
4. Relais für Spannungsversorgung der Klemme 30, Steuergerät für Lenksäulenelektronik	327
5. Kraftstoffpumpe, Kraftstoffpumpenrelais, Geber für Kraftstoffvorratsanzeige	328
6. Sicherungen	329
7. Glühkerzen - (Motor), Steuergerät für Glühzeitautomatik	330
8. Relais für Spannungsversorgung, Klemme 50, Steuergerät für Dieseldirekteinspritzanlage	331
9. Geber für Gaspedalstellung, Ladedruckgeber, Ansauglufttemperaturgeber, Steuergerät für Dieseldirekteinspritzanlage	332
10. Motordrehzahlgeber, Hallgeber, Kühlmitteltemperaturgeber, Steuergerät für Dieseldirekteinspritzanlage	333
11. Steuergerät für Dieseldirekteinspritzanlage, Ventile für Pumpe/Düse	334
12. Motor für Saugrohrklappe, Heizwiderstand für Ansaugrohrvorwärmung, Steuergerät für Dieseldirekteinspritzanlage	335
13. Steuergerät für Dieseldirekteinspritzanlage, Luftmassenmesser, Kraftstofftemperaturgeber, Kühlmitteltemperaturgeber am Kühlerausgang
336
14. Steuergerät für Dieseldirekteinspritzanlage, Bremslichtschalter, Bremspedalschalter für GRA, Ventil für Abgasrückführung, Magnetventil für Ladedruckbegrenzung, Umschaltventil für Kühler der Abgasrückführung
337
15. Kupplungspedalschalter, Steuergerät für Dieseldirekteinspritzanlage	338
16. Relais 2 für Spannungsversorgung, Kl. 15, Steuergerät für Bordnetz	339
17. Schalttafeleinsatz, Diagnose-Interface für Datenbus	340
18. Schalttafeleinsatz, Kraftstoffvorratsanzeige, Drehzahlmesser, Geschwindigkeitsmesser, Geber für Kühlmitteltemperaturanzeige, Kühlmitteltemperaturanzeige, Kontrollleuchte für Generator, Kontrollleuchte für GRA, Kontrolllampe für Vorglühzeit, Abgas-Warnleuchte
341
19. Schalttafeleinsatz, Öldruckschalter, Kontrollleuchte für Öldruck, Kontrollleuchte für Ölstand, Summer und Gong	342
037 - Kühlerlüfter, 1 stufig	343-345
1. Kühlerlüfter, 1 stufig	343
2. Relais für Spannungsversorgung, Klemme 30, Batterie	344
3. Lüfter für Kühlmittel, Lüfter für Kühlmittel	345
038 - Kühlerlüfter, 2 stufig	346-348
1. Kühlerlüfter, 2 stufig	346
2. Relais für Spannungsversorgung Klemme 30	347
3. Lüfter für Kühlmittel, Lüfter für Kühlmittel	348
039 - Kühlerlüfter, Stufenloser Einfach-Kühlerlüfter/Doppelkühlerlüfter	349-351
1. Kühlerlüfter, Stufenloser Einfach-Kühlerlüfter/Doppelkühlerlüfter	349
2. Relais für Spannungsversorgung Klemme 30, Batterie	350
3. Steuergerät für Kühlmittel	351
040 - Komfortsystem	352-369
1. Komfortsystem	352
2. Sicherungen, Steuergerät für Bordnetz	353
3. Fensterheber für Fahrerseite, Fahrerseite, Fensterhebermotor Fahrerseite, Türsteuergerät, Fahrerseite	354
4. Schalter für Fensterheber, Fahrerseite, Taster für Innenverriegelung, Türsteuergerät, Fahrerseite	355
5. Schalter für Spiegelverstellung, Schalter für Spiegelumklappung, Taster für Außenspiegelheizung	356
6. Motoren für Spiegelverstellung Fahrerseite, beheizbarer Außenspiegel Fahrerseite, Türsteuergerät	357
